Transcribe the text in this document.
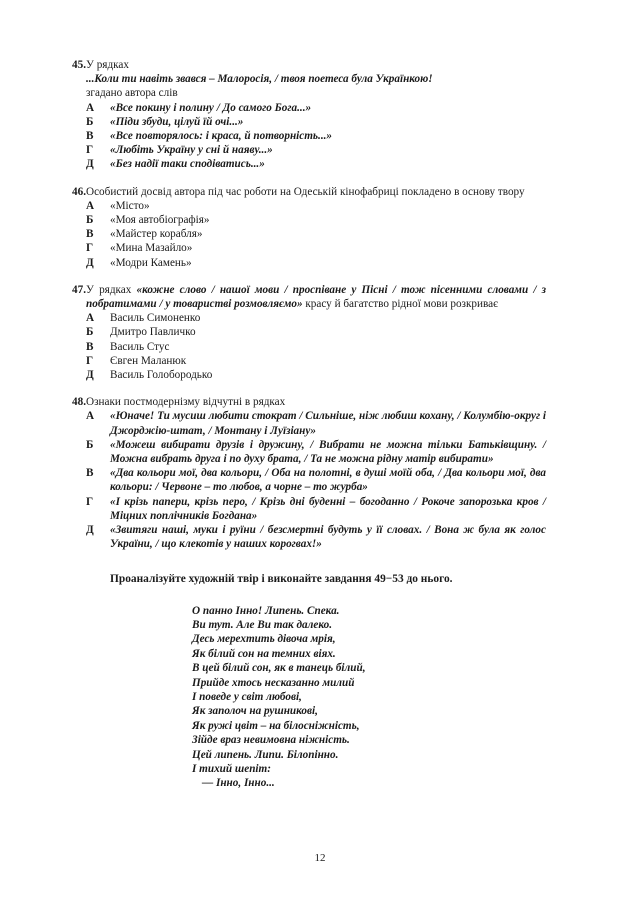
45. У рядках
...Коли ти навіть звався – Малоросія, / твоя поетеса була Українкою!
згадано автора слів
А	«Все покину і полину / До самого Бога...»
Б	«Піди збуди, цілуй їй очі...»
В	«Все повторялось: і краса, й потворність...»
Г	«Любіть Україну у сні й наяву...»
Д	«Без надії таки сподіватись...»
46. Особистий досвід автора під час роботи на Одеській кінофабриці покладено в основу твору
А	«Місто»
Б	«Моя автобіографія»
В	«Майстер корабля»
Г	«Мина Мазайло»
Д	«Модри Камень»
47. У рядках «кожне слово / нашої мови / проспіване у Пісні / тож пісенними словами / з побратимами / у товаристві розмовляємо» красу й багатство рідної мови розкриває
А	Василь Симоненко
Б	Дмитро Павличко
В	Василь Стус
Г	Євген Маланюк
Д	Василь Голобородько
48. Ознаки постмодернізму відчутні в рядках
А	«Юначе! Ти мусиш любити стократ / Сильніше, ніж любиш кохану, / Колумбію-округ і Джорджію-штат, / Монтану і Луїзіану»
Б	«Можеш вибирати друзів і дружину, / Вибрати не можна тільки Батьківщину. / Можна вибрать друга і по духу брата, / Та не можна рідну матір вибирати»
В	«Два кольори мої, два кольори, / Оба на полотні, в душі моїй оба, / Два кольори мої, два кольори: / Червоне – то любов, а чорне – то журба»
Г	«І крізь папери, крізь перо, / Крізь дні буденні – богоданно / Рокоче запорозька кров / Міцних поплічників Богдана»
Д	«Звитяги наші, муки і руїни / безсмертні будуть у її словах. / Вона ж була як голос України, / що клекотів у наших корогвах!»
Проаналізуйте художній твір і виконайте завдання 49−53 до нього.
О панно Інно! Липень. Спека.
Ви тут. Але Ви так далеко.
Десь мерехтить дівоча мрія,
Як білий сон на темних віях.
В цей білий сон, як в танець білий,
Прийде хтось несказанно милий
І поведе у світ любові,
Як заполоч на рушникові,
Як ружі цвіт – на білосніжність,
Зійде враз невимовна ніжність.
Цей липень. Липи. Білопінно.
І тихий шепіт:
— Інно, Інно...
12
